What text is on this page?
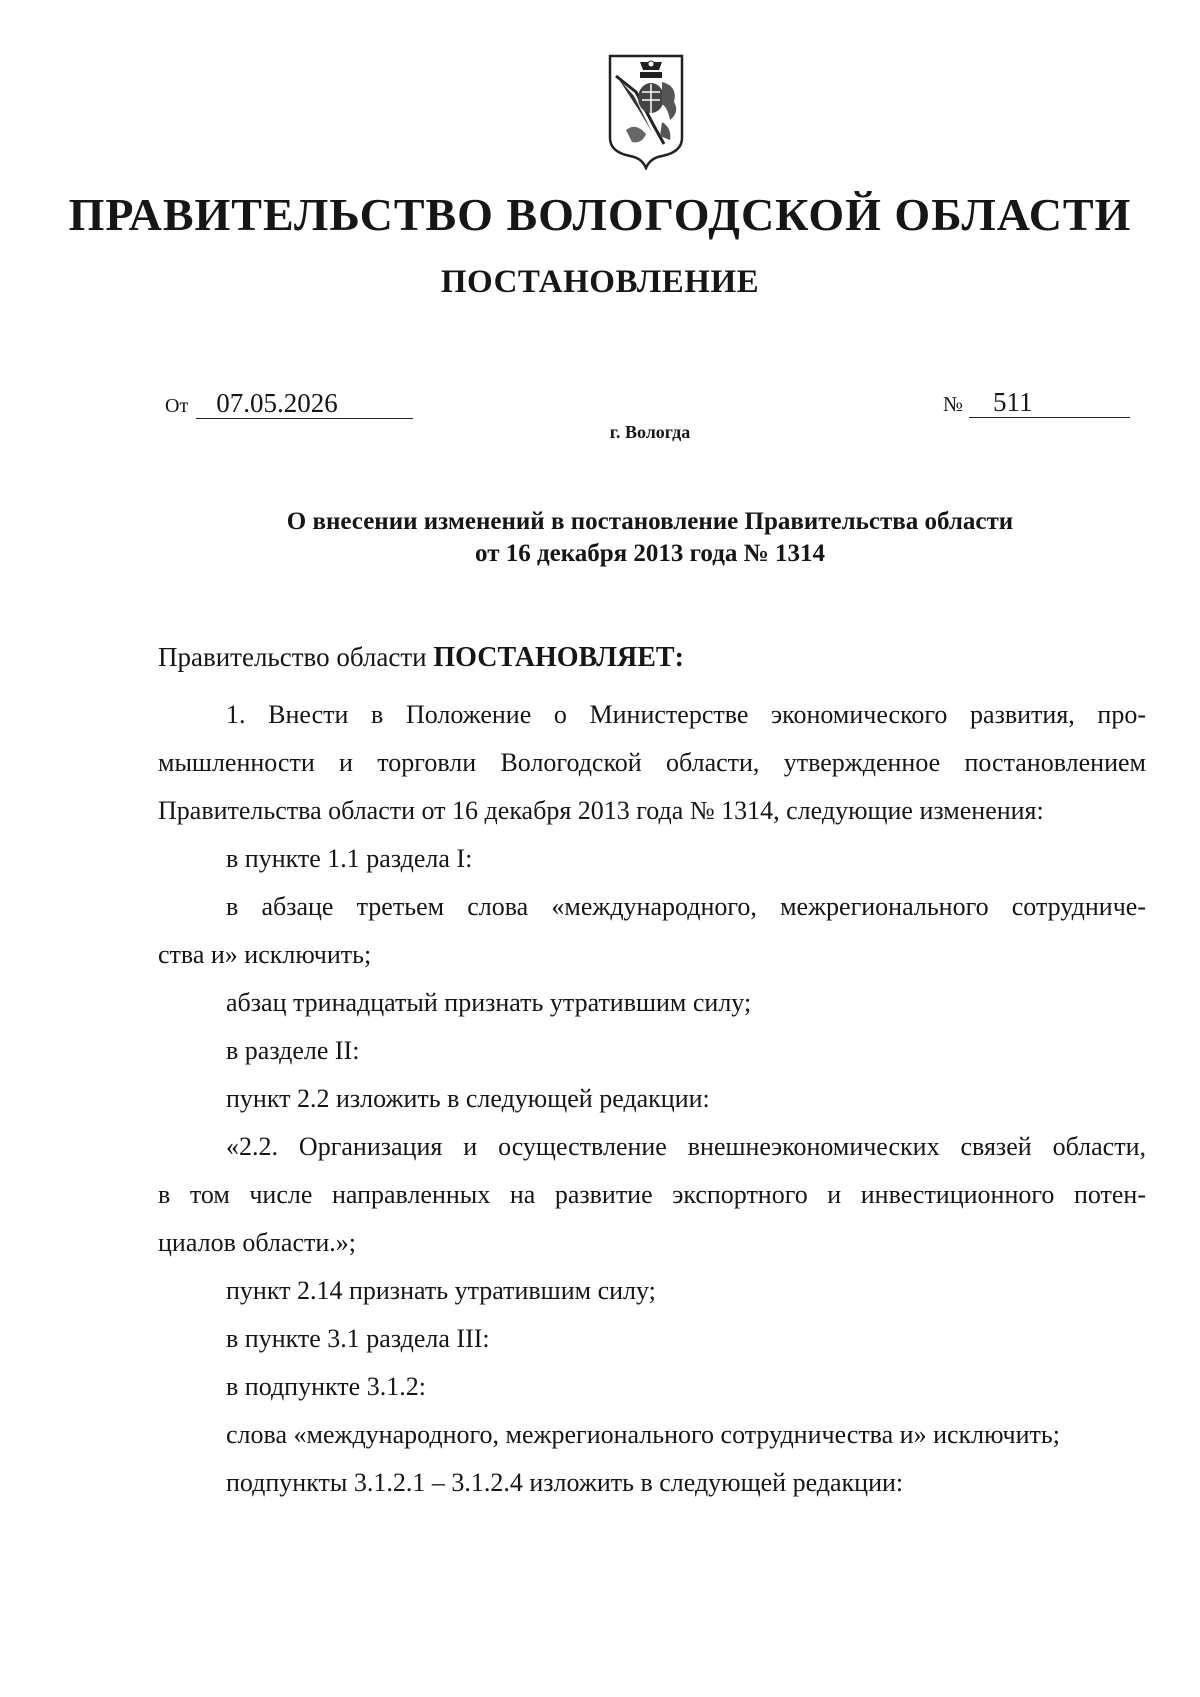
ПРАВИТЕЛЬСТВО ВОЛОГОДСКОЙ ОБЛАСТИ
ПОСТАНОВЛЕНИЕ
От 07.05.2026	№ 511
г. Вологда
О внесении изменений в постановление Правительства области
от 16 декабря 2013 года № 1314

Правительство области ПОСТАНОВЛЯЕТ:

1. Внести в Положение о Министерстве экономического развития, про-

мышленности и торговли Вологодской области, утвержденное постановлением

Правительства области от 16 декабря 2013 года № 1314, следующие изменения:

в пункте 1.1 раздела I:

в абзаце третьем слова «международного, межрегионального сотрудниче-

ства и» исключить;

абзац тринадцатый признать утратившим силу;

в разделе II:

пункт 2.2 изложить в следующей редакции:

«2.2. Организация и осуществление внешнеэкономических связей области,

в том числе направленных на развитие экспортного и инвестиционного потен-

циалов области.»;

пункт 2.14 признать утратившим силу;

в пункте 3.1 раздела III:

в подпункте 3.1.2:

слова «международного, межрегионального сотрудничества и» исключить;

подпункты 3.1.2.1 – 3.1.2.4 изложить в следующей редакции:
